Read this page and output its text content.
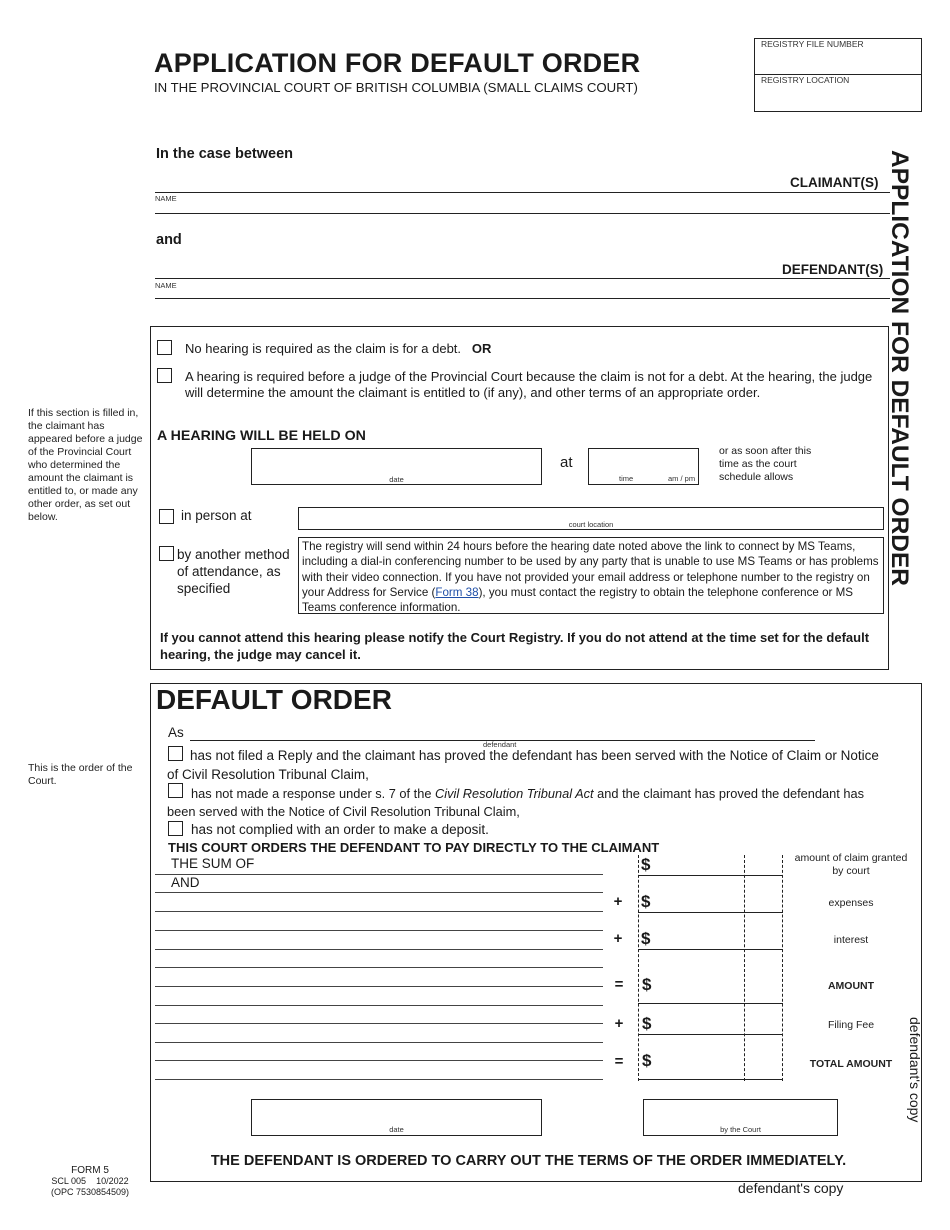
APPLICATION FOR DEFAULT ORDER
IN THE PROVINCIAL COURT OF BRITISH COLUMBIA (SMALL CLAIMS COURT)
REGISTRY FILE NUMBER
REGISTRY LOCATION
APPLICATION FOR DEFAULT ORDER
In the case between
CLAIMANT(S)
NAME
and
DEFENDANT(S)
NAME
If this section is filled in, the claimant has appeared before a judge of the Provincial Court who determined the amount the claimant is entitled to, or made any other order, as set out below.
No hearing is required as the claim is for a debt. OR
A hearing is required before a judge of the Provincial Court because the claim is not for a debt. At the hearing, the judge will determine the amount the claimant is entitled to (if any), and other terms of an appropriate order.
A HEARING WILL BE HELD ON
date
at
time	am / pm
or as soon after this time as the court schedule allows
in person at
court location
by another method of attendance, as specified
The registry will send within 24 hours before the hearing date noted above the link to connect by MS Teams, including a dial-in conferencing number to be used by any party that is unable to use MS Teams or has problems with their video connection. If you have not provided your email address or telephone number to the registry on your Address for Service (Form 38), you must contact the registry to obtain the telephone conference or MS Teams conference information.
If you cannot attend this hearing please notify the Court Registry. If you do not attend at the time set for the default hearing, the judge may cancel it.
This is the order of the Court.
DEFAULT ORDER
As
defendant
has not filed a Reply and the claimant has proved the defendant has been served with the Notice of Claim or Notice of Civil Resolution Tribunal Claim,
has not made a response under s. 7 of the Civil Resolution Tribunal Act and the claimant has proved the defendant has been served with the Notice of Civil Resolution Tribunal Claim,
has not complied with an order to make a deposit.
THIS COURT ORDERS THE DEFENDANT TO PAY DIRECTLY TO THE CLAIMANT
THE SUM OF
AND
$	amount of claim granted by court
+ $	expenses
+ $	interest
= $	AMOUNT
+ $	Filing Fee
= $	TOTAL AMOUNT	defendant's copy
date	by the Court
THE DEFENDANT IS ORDERED TO CARRY OUT THE TERMS OF THE ORDER IMMEDIATELY.
FORM 5
SCL 005    10/2022
(OPC 7530854509)	defendant's copy
